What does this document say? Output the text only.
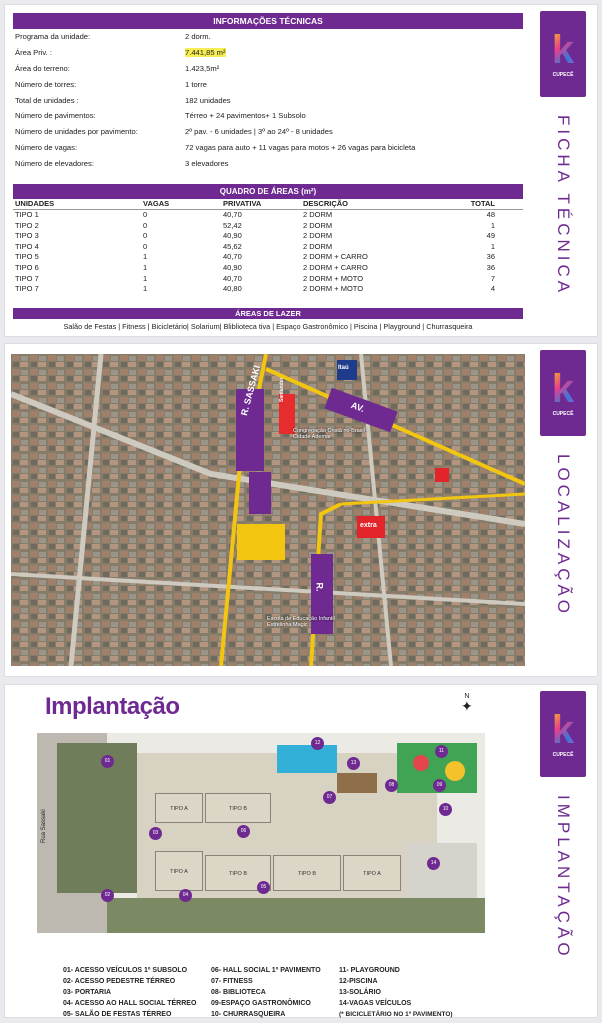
INFORMAÇÕES TÉCNICAS
Programa da unidade:	2 dorm.
Área Priv. :	7.441,85 m²
Área do terreno:	1.423,5m²
Número de torres:	1 torre
Total de unidades :	182 unidades
Número de pavimentos:	Térreo + 24 pavimentos+ 1 Subsolo
Número de unidades por pavimento:	2º pav. - 6 unidades | 3º ao 24º - 8 unidades
Número de vagas:	72 vagas para auto + 11 vagas para motos + 26 vagas para bicicleta
Número de elevadores:	3 elevadores
QUADRO DE ÁREAS (m²)
UNIDADES	VAGAS	PRIVATIVA	DESCRIÇÃO	TOTAL
TIPO 1	0	40,70	2 DORM	48
TIPO 2	0	52,42	2 DORM	1
TIPO 3	0	40,90	2 DORM	49
TIPO 4	0	45,62	2 DORM	1
TIPO 5	1	40,70	2 DORM + CARRO	36
TIPO 6	1	40,90	2 DORM + CARRO	36
TIPO 7	1	40,70	2 DORM + MOTO	7
TIPO 7	1	40,80	2 DORM + MOTO	4
ÁREAS DE LAZER
Salão de Festas | Fitness | Bicicletário| Solarium| Bliblioteca tiva | Espaço Gastronômico | Piscina | Playground | Churrasqueira
k
CUPECÊ
FICHA TÉCNICA
R. SASSAKI	AV.
R.
Itaú
Santander
extra
Congregação Cristã no Brasil - Cidade Ademar
Escola de Educação Infantil Estrelinha Magic
k
CUPECÊ
LOCALIZAÇÃO
Implantação	N
✦
TIPO A	TIPO B
TIPO A	TIPO B	TIPO B	TIPO A
Rua Sassaki
01
02
03
04
05
06
07
08	09
10
11
12
13
14
01- ACESSO VEÍCULOS 1º SUBSOLO
02- ACESSO PEDESTRE TÉRREO
03- PORTARIA
04- ACESSO AO HALL SOCIAL TÉRREO
05- SALÃO DE FESTAS TÉRREO
06- HALL SOCIAL 1º PAVIMENTO
07- FITNESS
08- BIBLIOTECA
09-ESPAÇO GASTRONÔMICO
10- CHURRASQUEIRA
11- PLAYGROUND
12-PISCINA
13-SOLÁRIO
14-VAGAS VEÍCULOS
(* BICICLETÁRIO NO 1º PAVIMENTO)
k
CUPECÊ
IMPLANTAÇÃO
